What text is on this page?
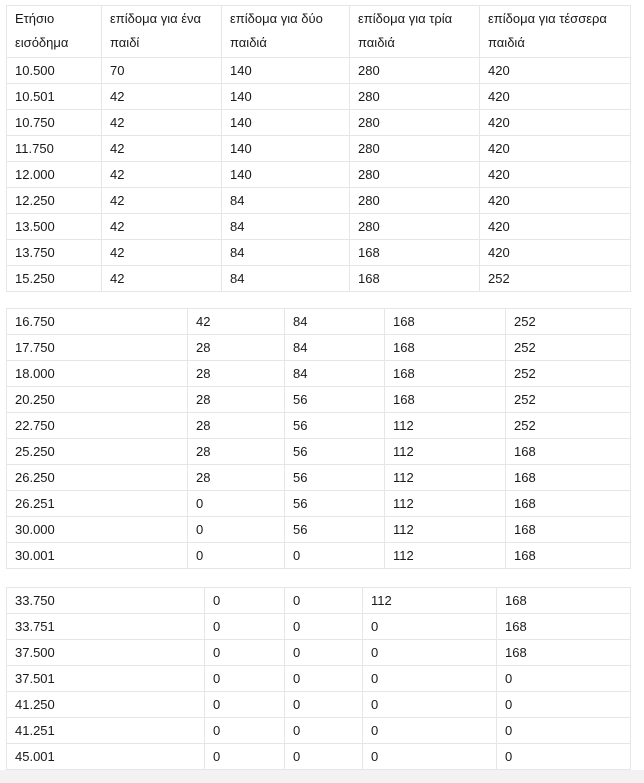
Ετήσιο εισόδημα	επίδομα για ένα παιδί	επίδομα για δύο παιδιά	επίδομα για τρία παιδιά	επίδομα για τέσσερα παιδιά
10.500	70	140	280	420
10.501	42	140	280	420
10.750	42	140	280	420
11.750	42	140	280	420
12.000	42	140	280	420
12.250	42	84	280	420
13.500	42	84	280	420
13.750	42	84	168	420
15.250	42	84	168	252
16.750	42	84	168	252
17.750	28	84	168	252
18.000	28	84	168	252
20.250	28	56	168	252
22.750	28	56	112	252
25.250	28	56	112	168
26.250	28	56	112	168
26.251	0	56	112	168
30.000	0	56	112	168
30.001	0	0	112	168
33.750	0	0	112	168
33.751	0	0	0	168
37.500	0	0	0	168
37.501	0	0	0	0
41.250	0	0	0	0
41.251	0	0	0	0
45.001	0	0	0	0
